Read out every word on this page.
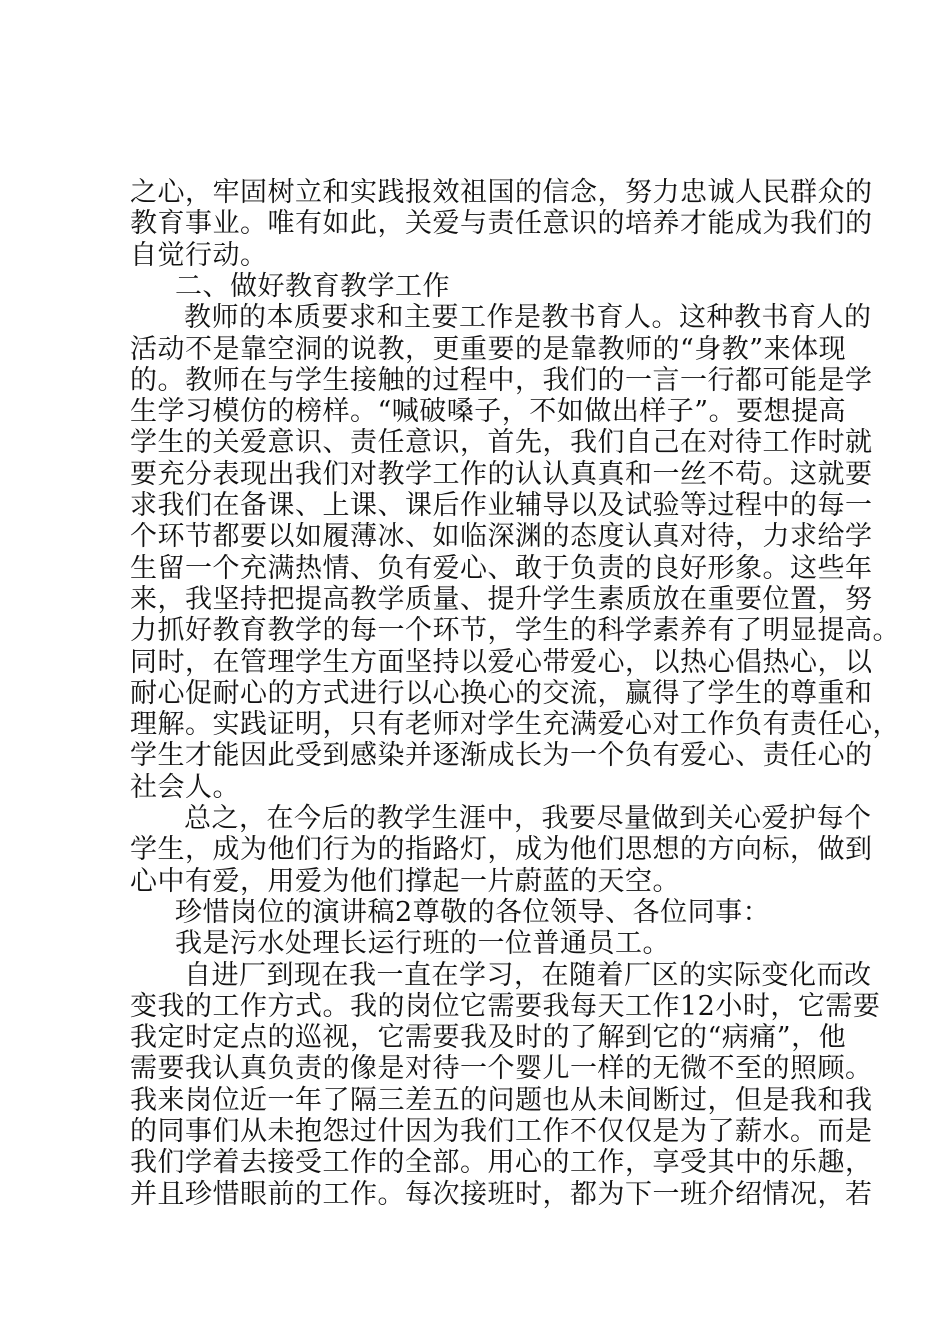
之心，牢固树立和实践报效祖国的信念，努力忠诚人民群众的
教育事业。唯有如此，关爱与责任意识的培养才能成为我们的
自觉行动。
二、做好教育教学工作
教师的本质要求和主要工作是教书育人。这种教书育人的
活动不是靠空洞的说教，更重要的是靠教师的“身教”来体现
的。教师在与学生接触的过程中，我们的一言一行都可能是学
生学习模仿的榜样。“喊破嗓子，不如做出样子”。要想提高
学生的关爱意识、责任意识，首先，我们自己在对待工作时就
要充分表现出我们对教学工作的认认真真和一丝不苟。这就要
求我们在备课、上课、课后作业辅导以及试验等过程中的每一
个环节都要以如履薄冰、如临深渊的态度认真对待，力求给学
生留一个充满热情、负有爱心、敢于负责的良好形象。这些年
来，我坚持把提高教学质量、提升学生素质放在重要位置，努
力抓好教育教学的每一个环节，学生的科学素养有了明显提高。
同时，在管理学生方面坚持以爱心带爱心，以热心倡热心，以
耐心促耐心的方式进行以心换心的交流，赢得了学生的尊重和
理解。实践证明，只有老师对学生充满爱心对工作负有责任心，
学生才能因此受到感染并逐渐成长为一个负有爱心、责任心的
社会人。
总之，在今后的教学生涯中，我要尽量做到关心爱护每个
学生，成为他们行为的指路灯，成为他们思想的方向标，做到
心中有爱，用爱为他们撑起一片蔚蓝的天空。
珍惜岗位的演讲稿2尊敬的各位领导、各位同事：
我是污水处理长运行班的一位普通员工。
自进厂到现在我一直在学习，在随着厂区的实际变化而改
变我的工作方式。我的岗位它需要我每天工作12小时，它需要
我定时定点的巡视，它需要我及时的了解到它的“病痛”，他
需要我认真负责的像是对待一个婴儿一样的无微不至的照顾。
我来岗位近一年了隔三差五的问题也从未间断过，但是我和我
的同事们从未抱怨过什因为我们工作不仅仅是为了薪水。而是
我们学着去接受工作的全部。用心的工作，享受其中的乐趣，
并且珍惜眼前的工作。每次接班时，都为下一班介绍情况，若
